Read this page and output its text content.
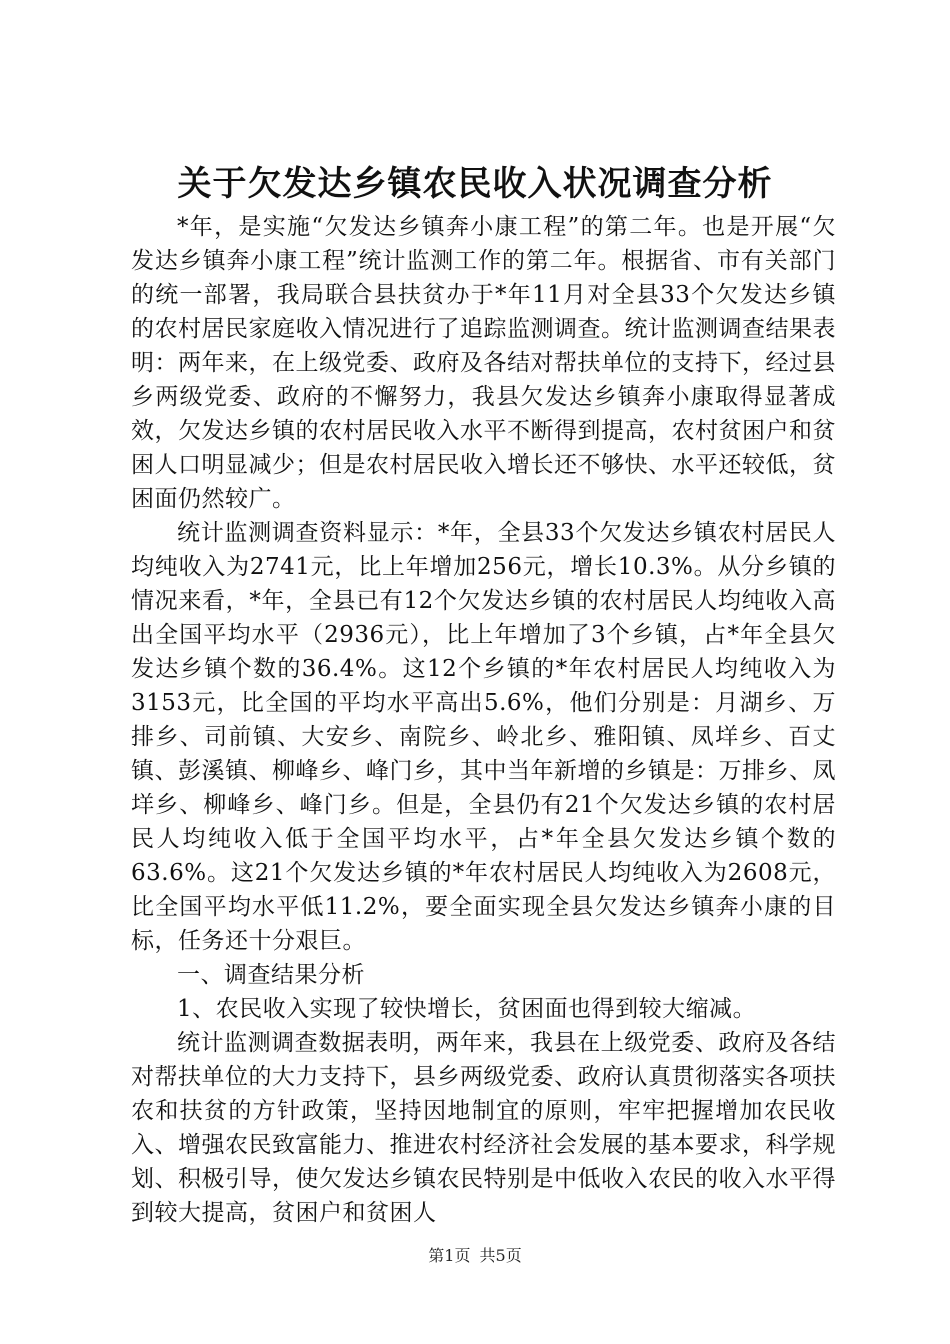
关于欠发达乡镇农民收入状况调查分析

*年，是实施“欠发达乡镇奔小康工程”的第二年。也是开展“欠发达乡镇奔小康工程”统计监测工作的第二年。根据省、市有关部门的统一部署，我局联合县扶贫办于*年11月对全县33个欠发达乡镇的农村居民家庭收入情况进行了追踪监测调查。统计监测调查结果表明：两年来，在上级党委、政府及各结对帮扶单位的支持下，经过县乡两级党委、政府的不懈努力，我县欠发达乡镇奔小康取得显著成效，欠发达乡镇的农村居民收入水平不断得到提高，农村贫困户和贫困人口明显减少；但是农村居民收入增长还不够快、水平还较低，贫困面仍然较广。

统计监测调查资料显示：*年，全县33个欠发达乡镇农村居民人均纯收入为2741元，比上年增加256元，增长10.3%。从分乡镇的情况来看，*年，全县已有12个欠发达乡镇的农村居民人均纯收入高出全国平均水平（2936元），比上年增加了3个乡镇，占*年全县欠发达乡镇个数的36.4%。这12个乡镇的*年农村居民人均纯收入为3153元，比全国的平均水平高出5.6%，他们分别是：月湖乡、万排乡、司前镇、大安乡、南院乡、岭北乡、雅阳镇、凤垟乡、百丈镇、彭溪镇、柳峰乡、峰门乡，其中当年新增的乡镇是：万排乡、凤垟乡、柳峰乡、峰门乡。但是，全县仍有21个欠发达乡镇的农村居民人均纯收入低于全国平均水平，占*年全县欠发达乡镇个数的63.6%。这21个欠发达乡镇的*年农村居民人均纯收入为2608元，比全国平均水平低11.2%，要全面实现全县欠发达乡镇奔小康的目标，任务还十分艰巨。

一、调查结果分析

1、农民收入实现了较快增长，贫困面也得到较大缩减。

统计监测调查数据表明，两年来，我县在上级党委、政府及各结对帮扶单位的大力支持下，县乡两级党委、政府认真贯彻落实各项扶农和扶贫的方针政策，坚持因地制宜的原则，牢牢把握增加农民收入、增强农民致富能力、推进农村经济社会发展的基本要求，科学规划、积极引导，使欠发达乡镇农民特别是中低收入农民的收入水平得到较大提高，贫困户和贫困人

第1页 共5页
